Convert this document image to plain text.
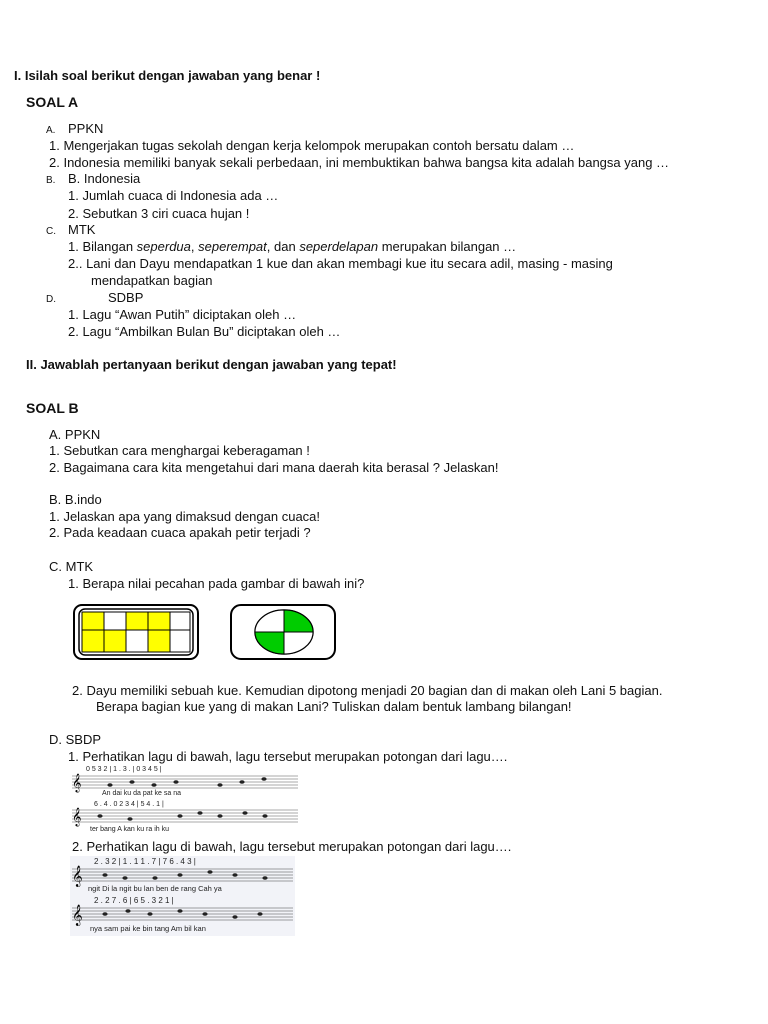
I. Isilah soal berikut dengan jawaban yang benar !
SOAL A
A. PPKN
1. Mengerjakan tugas sekolah dengan kerja kelompok merupakan contoh bersatu dalam …
2. Indonesia memiliki banyak sekali perbedaan, ini membuktikan bahwa bangsa kita adalah bangsa yang …
B. B. Indonesia
1. Jumlah cuaca di Indonesia ada …
2. Sebutkan 3 ciri cuaca hujan !
C. MTK
1. Bilangan seperdua, seperempat, dan seperdelapan merupakan bilangan …
2.. Lani dan Dayu mendapatkan 1 kue dan akan membagi kue itu secara adil, masing - masing
mendapatkan bagian
D.	SDBP
1. Lagu “Awan Putih” diciptakan oleh …
2. Lagu “Ambilkan Bulan Bu” diciptakan oleh …
II. Jawablah pertanyaan berikut dengan jawaban yang tepat!
SOAL B
A. PPKN
1. Sebutkan cara menghargai keberagaman !
2. Bagaimana cara kita mengetahui dari mana daerah kita berasal ? Jelaskan!
B. B.indo
1. Jelaskan apa yang dimaksud dengan cuaca!
2. Pada keadaan cuaca apakah petir terjadi ?
C. MTK
1. Berapa nilai pecahan pada gambar di bawah ini?
2. Dayu memiliki sebuah kue. Kemudian dipotong menjadi 20 bagian dan di makan oleh Lani 5 bagian.
Berapa bagian kue yang di makan Lani? Tuliskan dalam bentuk lambang bilangan!
D. SBDP
1. Perhatikan lagu di bawah, lagu tersebut merupakan potongan dari lagu….
𝄞
𝄞
0 5 3 2 | 1 . 3 . | 0 3 4 5 |
An dai ku da pat ke sa na
6 . 4 . 0 2 3 4 | 5 4 . 1 |
ter bang A kan ku ra ih ku
2. Perhatikan lagu di bawah, lagu tersebut merupakan potongan dari lagu….
𝄞
𝄞
2 . 3 2 | 1 . 1 1 . 7 | 7 6 . 4 3 |
ngit Di la ngit bu lan ben de rang Cah ya
2 . 2 7 . 6 | 6 5 . 3 2 1 |
nya sam pai ke bin tang Am bil kan
